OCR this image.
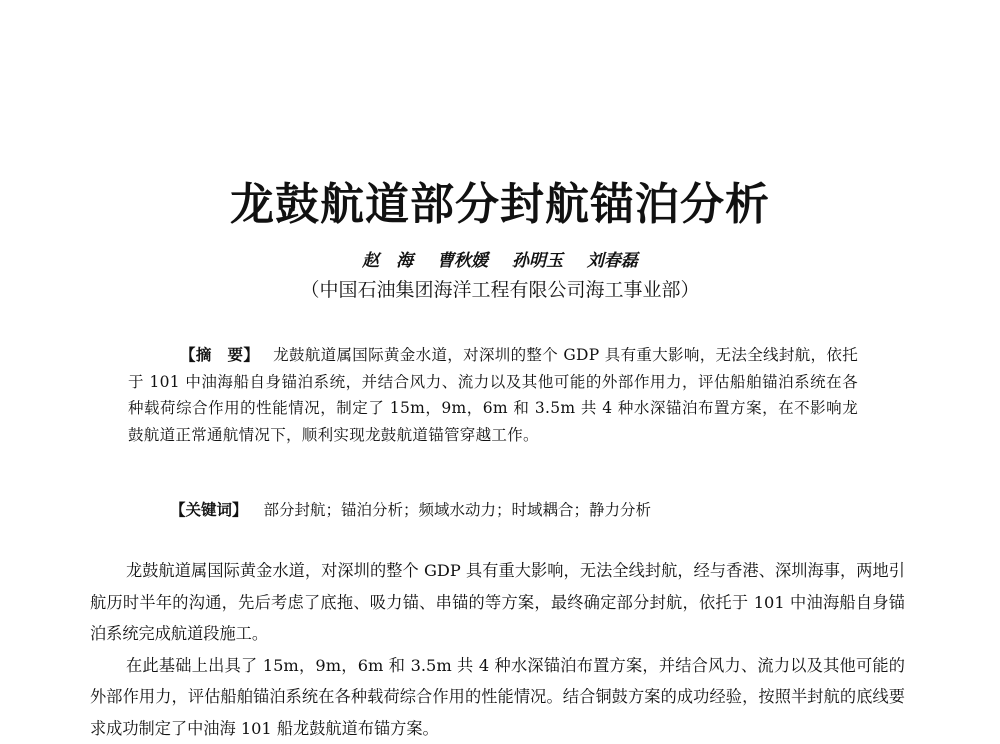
龙鼓航道部分封航锚泊分析
赵　海 曹秋媛 孙明玉 刘春磊
（中国石油集团海洋工程有限公司海工事业部）
【摘　要】 龙鼓航道属国际黄金水道，对深圳的整个 GDP 具有重大影响，无法全线封航，依托于 101 中油海船自身锚泊系统，并结合风力、流力以及其他可能的外部作用力，评估船舶锚泊系统在各种载荷综合作用的性能情况，制定了 15m，9m，6m 和 3.5m 共 4 种水深锚泊布置方案，在不影响龙鼓航道正常通航情况下，顺利实现龙鼓航道锚管穿越工作。
【关键词】 部分封航；锚泊分析；频域水动力；时域耦合；静力分析

龙鼓航道属国际黄金水道，对深圳的整个 GDP 具有重大影响，无法全线封航，经与香港、深圳海事，两地引航历时半年的沟通，先后考虑了底拖、吸力锚、串锚的等方案，最终确定部分封航，依托于 101 中油海船自身锚泊系统完成航道段施工。

在此基础上出具了 15m，9m，6m 和 3.5m 共 4 种水深锚泊布置方案，并结合风力、流力以及其他可能的外部作用力，评估船舶锚泊系统在各种载荷综合作用的性能情况。结合铜鼓方案的成功经验，按照半封航的底线要求成功制定了中油海 101 船龙鼓航道布锚方案。
